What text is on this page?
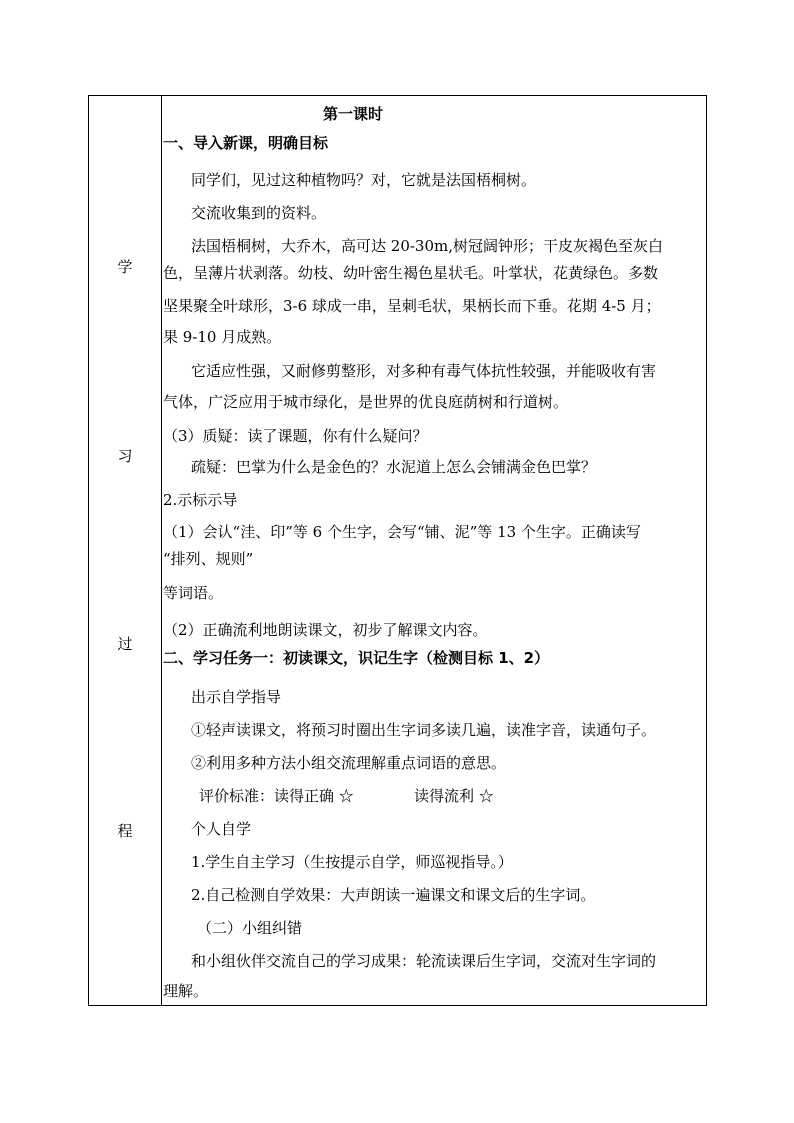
学
习
过
程
第一课时
一、导入新课，明确目标
同学们，见过这种植物吗？对，它就是法国梧桐树。
交流收集到的资料。
法国梧桐树，大乔木，高可达 20-30m,树冠阔钟形；干皮灰褐色至灰白
色，呈薄片状剥落。幼枝、幼叶密生褐色星状毛。叶掌状，花黄绿色。多数
坚果聚全叶球形，3-6 球成一串，呈刺毛状，果柄长而下垂。花期 4-5 月；
果 9-10 月成熟。
它适应性强，又耐修剪整形，对多种有毒气体抗性较强，并能吸收有害
气体，广泛应用于城市绿化，是世界的优良庭荫树和行道树。
（3）质疑：读了课题，你有什么疑问？
疏疑：巴掌为什么是金色的？水泥道上怎么会铺满金色巴掌？
2.示标示导
（1）会认“洼、印”等 6 个生字，会写“铺、泥”等 13 个生字。正确读写
“排列、规则”
等词语。
（2）正确流利地朗读课文，初步了解课文内容。
二、学习任务一：初读课文，识记生字（检测目标 1、2）
出示自学指导
①轻声读课文，将预习时圈出生字词多读几遍，读准字音，读通句子。
②利用多种方法小组交流理解重点词语的意思。
评价标准：读得正确 ☆	读得流利 ☆
个人自学
1.学生自主学习（生按提示自学，师巡视指导。）
2.自己检测自学效果：大声朗读一遍课文和课文后的生字词。
（二）小组纠错
和小组伙伴交流自己的学习成果：轮流读课后生字词，交流对生字词的
理解。
